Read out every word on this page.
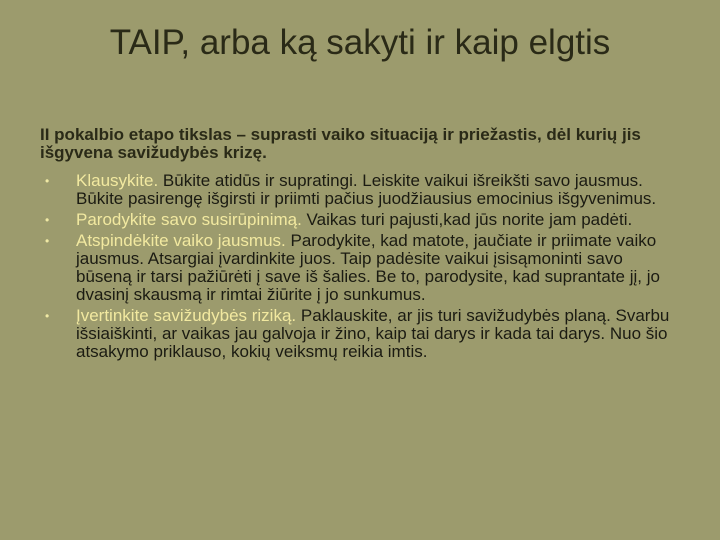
TAIP, arba ką sakyti ir kaip elgtis

II pokalbio etapo tikslas – suprasti vaiko situaciją ir priežastis, dėl kurių jis išgyvena savižudybės krizę.

•	Klausykite. Būkite atidūs ir supratingi. Leiskite vaikui išreikšti savo jausmus. Būkite pasirengę išgirsti ir priimti pačius juodžiausius emocinius išgyvenimus.
•	Parodykite savo susirūpinimą. Vaikas turi pajusti,kad jūs norite jam padėti.
•	Atspindėkite vaiko jausmus. Parodykite, kad matote, jaučiate ir priimate vaiko jausmus. Atsargiai įvardinkite juos. Taip padėsite vaikui įsisąmoninti savo būseną ir tarsi pažiūrėti į save iš šalies. Be to, parodysite, kad suprantate jį, jo dvasinį skausmą ir rimtai žiūrite į jo sunkumus.
•	Įvertinkite savižudybės riziką. Paklauskite, ar jis turi savižudybės planą. Svarbu išsiaiškinti, ar vaikas jau galvoja ir žino, kaip tai darys ir kada tai darys. Nuo šio atsakymo priklauso, kokių veiksmų reikia imtis.
